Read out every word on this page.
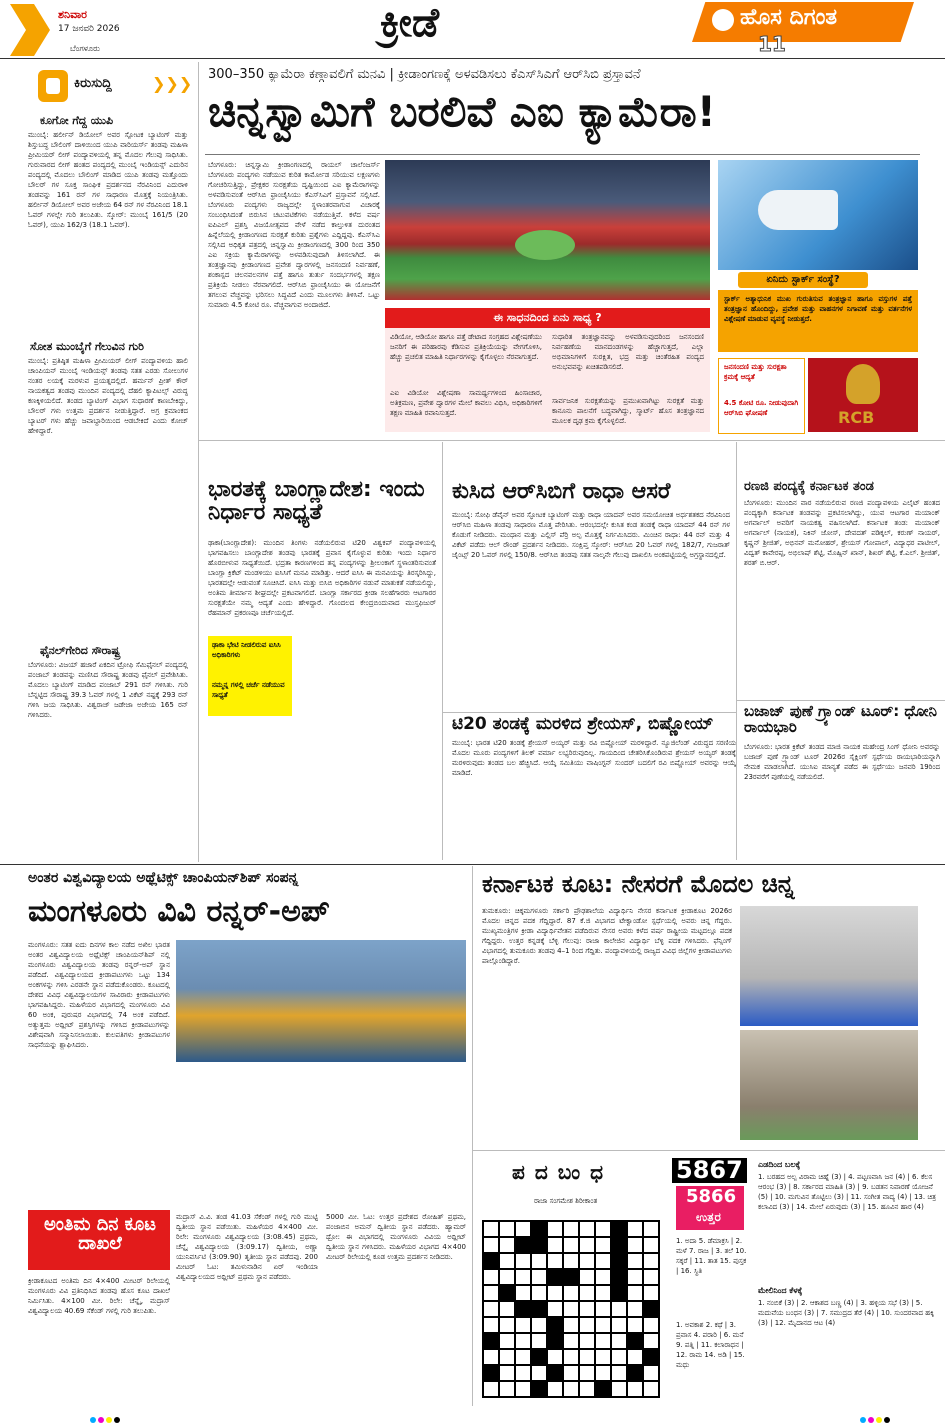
ಶನಿವಾರ
17 ಜನವರಿ 2026
ಬೆಂಗಳೂರು
ಕ್ರೀಡೆ	ಹೊಸ ದಿಗಂತ
11
ಕಿರುಸುದ್ದಿ	❯❯❯
ಕೂಗೋ ಗೆದ್ದ ಯುಪಿ
ಮುಂಬೈ: ಹರ್ಲೀನ್ ಡಿಯೋಲ್ ಅವರ ಸ್ಪೋಟಕ ಬ್ಯಾಟಿಂಗ್ ಮತ್ತು ಶಿಸ್ತುಬದ್ಧ ಬೌಲಿಂಗ್ ದಾಳಿಯಿಂದ ಯುಪಿ ವಾರಿಯರ್ಸ್ ತಂಡವು ಮಹಿಳಾ ಪ್ರೀಮಿಯರ್ ಲೀಗ್ ಪಂದ್ಯಾವಳಿಯಲ್ಲಿ ತನ್ನ ಮೊದಲ ಗೆಲುವು ಸಾಧಿಸಿತು. ಗುರುವಾರದ ಲೀಗ್ ಹಂತದ ಪಂದ್ಯದಲ್ಲಿ ಮುಂಬೈ ಇಂಡಿಯನ್ಸ್ ಎದುರಿನ ಪಂದ್ಯದಲ್ಲಿ ಮೊದಲು ಬೌಲಿಂಗ್ ಮಾಡಿದ ಯುಪಿ ತಂಡವು ಮತ್ತೊಂದು ಬೌಲರ್ ಗಳ ಸೂಕ್ತ ಸಾಂಘಿಕ ಪ್ರದರ್ಶನದ ನೆರವಿನಿಂದ ಎದುರಾಳಿ ತಂಡವನ್ನು 161 ರನ್ ಗಳ ಸಾಧಾರಣ ಮೊತ್ತಕ್ಕೆ ನಿಯಂತ್ರಿಸಿತು. ಹರ್ಲೀನ್ ಡಿಯೋಲ್ ಅವರ ಅಜೇಯ 64 ರನ್ ಗಳ ನೆರವಿನಿಂದ 18.1 ಓವರ್ ಗಳಲ್ಲೇ ಗುರಿ ತಲುಪಿತು. ಸ್ಕೋರ್: ಮುಂಬೈ 161/5 (20 ಓವರ್), ಯುಪಿ 162/3 (18.1 ಓವರ್).
ಸೋತ ಮುಂಬೈಗೆ ಗೆಲುವಿನ ಗುರಿ
ಮುಂಬೈ: ಪ್ರತಿಷ್ಠಿತ ಮಹಿಳಾ ಪ್ರೀಮಿಯರ್ ಲೀಗ್ ಪಂದ್ಯಾವಳಿಯ ಹಾಲಿ ಚಾಂಪಿಯನ್ ಮುಂಬೈ ಇಂಡಿಯನ್ಸ್ ತಂಡವು ಸತತ ಎರಡು ಸೋಲುಗಳ ನಂತರ ಲಯಕ್ಕೆ ಮರಳುವ ಪ್ರಯತ್ನದಲ್ಲಿದೆ. ಹರ್ಮನ್ ಪ್ರೀತ್ ಕೌರ್ ನಾಯಕತ್ವದ ತಂಡವು ಮುಂದಿನ ಪಂದ್ಯದಲ್ಲಿ ದೆಹಲಿ ಕ್ಯಾಪಿಟಲ್ಸ್ ವಿರುದ್ಧ ಕಣಕ್ಕಿಳಿಯಲಿದೆ. ತಂಡದ ಬ್ಯಾಟಿಂಗ್ ವಿಭಾಗ ಸುಧಾರಣೆ ಕಾಣಬೇಕಿದ್ದು, ಬೌಲರ್ ಗಳು ಉತ್ತಮ ಪ್ರದರ್ಶನ ನೀಡುತ್ತಿದ್ದಾರೆ. ಅಗ್ರ ಕ್ರಮಾಂಕದ ಬ್ಯಾಟರ್ ಗಳು ಹೆಚ್ಚು ಜವಾಬ್ದಾರಿಯಿಂದ ಆಡಬೇಕಿದೆ ಎಂದು ಕೋಚ್ ಹೇಳಿದ್ದಾರೆ.
ಫೈನಲ್‌ಗೇರಿದ ಸೌರಾಷ್ಟ್ರ
ಬೆಂಗಳೂರು: ವಿಜಯ್ ಹಜಾರೆ ಏಕದಿನ ಟ್ರೋಫಿ ಸೆಮಿಫೈನಲ್ ಪಂದ್ಯದಲ್ಲಿ ಪಂಜಾಬ್ ತಂಡವನ್ನು ಮಣಿಸಿದ ಸೌರಾಷ್ಟ್ರ ತಂಡವು ಫೈನಲ್ ಪ್ರವೇಶಿಸಿತು. ಮೊದಲು ಬ್ಯಾಟಿಂಗ್ ಮಾಡಿದ ಪಂಜಾಬ್ 291 ರನ್ ಗಳಿಸಿತು. ಗುರಿ ಬೆನ್ನಟ್ಟಿದ ಸೌರಾಷ್ಟ್ರ 39.3 ಓವರ್ ಗಳಲ್ಲಿ 1 ವಿಕೆಟ್ ನಷ್ಟಕ್ಕೆ 293 ರನ್ ಗಳಿಸಿ ಜಯ ಸಾಧಿಸಿತು. ವಿಶ್ವರಾಜ್ ಜಡೇಜಾ ಅಜೇಯ 165 ರನ್ ಗಳಿಸಿದರು.
300–350 ಕ್ಯಾಮೆರಾ ಕಣ್ಗಾವಲಿಗೆ ಮನವಿ | ಕ್ರೀಡಾಂಗಣಕ್ಕೆ ಅಳವಡಿಸಲು ಕೆಎಸ್‌ಸಿಎಗೆ ಆರ್‌ಸಿಬಿ ಪ್ರಸ್ತಾವನೆ
ಚಿನ್ನಸ್ವಾಮಿಗೆ ಬರಲಿವೆ ಎಐ ಕ್ಯಾಮೆರಾ!
ಬೆಂಗಳೂರು: ಚಿನ್ನಸ್ವಾಮಿ ಕ್ರೀಡಾಂಗಣದಲ್ಲಿ ರಾಯಲ್ ಚಾಲೆಂಜರ್ಸ್ ಬೆಂಗಳೂರು ಪಂದ್ಯಗಳು ನಡೆಯುವ ಕುರಿತ ಕಾರ್ಮೋಡ ಸರಿಯುವ ಲಕ್ಷಣಗಳು ಗೋಚರಿಸುತ್ತಿದ್ದು, ಪ್ರೇಕ್ಷಕರ ಸುರಕ್ಷತೆಯ ದೃಷ್ಟಿಯಿಂದ ಎಐ ಕ್ಯಾಮೆರಾಗಳನ್ನು ಅಳವಡಿಸುವಂತೆ ಆರ್‌ಸಿಬಿ ಫ್ರಾಂಚೈಸಿಯು ಕೆಎಸ್‌ಸಿಎಗೆ ಪ್ರಸ್ತಾವನೆ ಸಲ್ಲಿಸಿದೆ. ಬೆಂಗಳೂರು ಪಂದ್ಯಗಳು ರಾಜ್ಯದಲ್ಲೇ ಸ್ಥಳಾಂತರವಾಗುವ ವಿಚಾರಕ್ಕೆ ಸಂಬಂಧಿಸಿದಂತೆ ಬಿರುಸಿನ ಚಟುವಟಿಕೆಗಳು ನಡೆಯುತ್ತಿವೆ. ಕಳೆದ ವರ್ಷ ಐಪಿಎಲ್ ಪ್ರಶಸ್ತಿ ವಿಜಯೋತ್ಸವದ ವೇಳೆ ನಡೆದ ಕಾಲ್ತುಳಿತ ದುರಂತದ ಹಿನ್ನೆಲೆಯಲ್ಲಿ ಕ್ರೀಡಾಂಗಣದ ಸುರಕ್ಷತೆ ಕುರಿತು ಪ್ರಶ್ನೆಗಳು ಎದ್ದಿದ್ದವು. ಕೆಎಸ್‌ಸಿಎ ಸಲ್ಲಿಸಿದ ಅಧಿಕೃತ ಪತ್ರದಲ್ಲಿ ಚಿನ್ನಸ್ವಾಮಿ ಕ್ರೀಡಾಂಗಣದಲ್ಲಿ 300 ರಿಂದ 350 ಎಐ ಸಕ್ರಿಯ ಕ್ಯಾಮೆರಾಗಳನ್ನು ಅಳವಡಿಸುವುದಾಗಿ ತಿಳಿಸಲಾಗಿದೆ. ಈ ತಂತ್ರಜ್ಞಾನವು ಕ್ರೀಡಾಂಗಣದ ಪ್ರವೇಶ ದ್ವಾರಗಳಲ್ಲಿ ಜನಸಂದಣಿ ನಿರ್ವಹಣೆ, ಶಂಕಾಸ್ಪದ ಚಲನವಲನಗಳ ಪತ್ತೆ ಹಾಗೂ ತುರ್ತು ಸಂದರ್ಭಗಳಲ್ಲಿ ತಕ್ಷಣ ಪ್ರತಿಕ್ರಿಯೆ ನೀಡಲು ನೆರವಾಗಲಿದೆ. ಆರ್‌ಸಿಬಿ ಫ್ರಾಂಚೈಸಿಯು ಈ ಯೋಜನೆಗೆ ತಗಲುವ ವೆಚ್ಚವನ್ನು ಭರಿಸಲು ಸಿದ್ಧವಿದೆ ಎಂದು ಮೂಲಗಳು ತಿಳಿಸಿವೆ. ಒಟ್ಟು ಸುಮಾರು 4.5 ಕೋಟಿ ರೂ. ವೆಚ್ಚವಾಗುವ ಅಂದಾಜಿದೆ.
ಈ ಸಾಧನದಿಂದ ಏನು ಸಾಧ್ಯ ?
ವಿಡಿಯೋ, ಆಡಿಯೋ ಹಾಗೂ ಪತ್ತೆ ಡೇಟಾದ ಸಂಗ್ರಹದ ವಿಶ್ಲೇಷಣೆಯು ಜನರಿಗೆ ಈ ಪರಿಹಾರವು ಕೆಡಿಸುವ ಪ್ರತಿಕ್ರಿಯೆಯನ್ನು ವೇಗಗೊಳಿಸಿ, ಹೆಚ್ಚು ಪ್ರಚಲಿತ ಮಾಹಿತಿ ನಿರ್ಧಾರಗಳನ್ನು ಕೈಗೊಳ್ಳಲು ನೆರವಾಗುತ್ತದೆ.
ಸುಧಾರಿತ ತಂತ್ರಜ್ಞಾನವನ್ನು ಅಳವಡಿಸುವುದರಿಂದ ಜನಸಂದಣಿ ನಿರ್ವಹಣೆಯ ಮಾನದಂಡಗಳನ್ನು ಹೆಚ್ಚಾಗುತ್ತದೆ, ಎಲ್ಲಾ ಅಭಿಮಾನಿಗಳಿಗೆ ಸುರಕ್ಷಿತ, ಭದ್ರ ಮತ್ತು ಚಿಂತೆರಹಿತ ಪಂದ್ಯದ ಅನುಭವವನ್ನು ಖಚಿತಪಡಿಸಲಿದೆ.
ಎಐ ವಿಡಿಯೋ ವಿಶ್ಲೇಷಣಾ ಸಾಮರ್ಥ್ಯಗಳಿಂದ ಹಿಂಸಾಚಾರ, ಅತಿಕ್ರಮಣ, ಪ್ರವೇಶ ದ್ವಾರಗಳ ಮೇಲೆ ಕಾವಲು ವಿಧಿಸಿ, ಅಧಿಕಾರಿಗಳಿಗೆ ತಕ್ಷಣ ಮಾಹಿತಿ ರವಾನಿಸುತ್ತದೆ.
ಸಾರ್ವಜನಿಕ ಸುರಕ್ಷತೆಯನ್ನು ಪ್ರಮುಖವಾಗಿಟ್ಟು ಸುರಕ್ಷತೆ ಮತ್ತು ಕಾನೂನು ಪಾಲನೆಗೆ ಬದ್ಧವಾಗಿದ್ದು, ಸ್ಮಾರ್ಟ್ ಹೊಸ ತಂತ್ರಜ್ಞಾನದ ಮೂಲಕ ದೃಢ ಕ್ರಮ ಕೈಗೊಳ್ಳಲಿದೆ.
ಏನಿದು ಸ್ಟಾರ್ಕ್ ಸಂಸ್ಥೆ?
ಸ್ಟಾರ್ಕ್ ಅತ್ಯಾಧುನಿಕ ಮುಖ ಗುರುತಿಸುವ ತಂತ್ರಜ್ಞಾನ ಹಾಗೂ ವಸ್ತುಗಳ ಪತ್ತೆ ತಂತ್ರಜ್ಞಾನ ಹೊಂದಿದ್ದು, ಪ್ರವೇಶ ಮತ್ತು ವಾಹನಗಳ ನಿಗಾವಣೆ ಮತ್ತು ವರ್ತನೆಗಳ ವಿಶ್ಲೇಷಣೆ ಮಾಡುವ ವ್ಯವಸ್ಥೆ ನೀಡುತ್ತದೆ.
ಜನಸಂದಣಿ ಮತ್ತು ಸುರಕ್ಷತಾ ಕ್ರಮಕ್ಕೆ ಆದ್ಯತೆ
4.5 ಕೋಟಿ ರೂ. ನೀಡುವುದಾಗಿ ಆರ್‌ಸಿಬಿ ಘೋಷಣೆ	RCB
ಭಾರತಕ್ಕೆ ಬಾಂಗ್ಲಾದೇಶ: ಇಂದು ನಿರ್ಧಾರ ಸಾಧ್ಯತೆ
ಢಾಕಾ(ಬಾಂಗ್ಲಾದೇಶ): ಮುಂದಿನ ತಿಂಗಳು ನಡೆಯಲಿರುವ ಟಿ20 ವಿಶ್ವಕಪ್ ಪಂದ್ಯಾವಳಿಯಲ್ಲಿ ಭಾಗವಹಿಸಲು ಬಾಂಗ್ಲಾದೇಶ ತಂಡವು ಭಾರತಕ್ಕೆ ಪ್ರವಾಸ ಕೈಗೊಳ್ಳುವ ಕುರಿತು ಇಂದು ನಿರ್ಧಾರ ಹೊರಬೀಳುವ ಸಾಧ್ಯತೆಯಿದೆ. ಭದ್ರತಾ ಕಾರಣಗಳಿಂದ ತನ್ನ ಪಂದ್ಯಗಳನ್ನು ಶ್ರೀಲಂಕಾಗೆ ಸ್ಥಳಾಂತರಿಸುವಂತೆ ಬಾಂಗ್ಲಾ ಕ್ರಿಕೆಟ್ ಮಂಡಳಿಯು ಐಸಿಸಿಗೆ ಮನವಿ ಮಾಡಿತ್ತು. ಆದರೆ ಐಸಿಸಿ ಈ ಮನವಿಯನ್ನು ತಿರಸ್ಕರಿಸಿದ್ದು, ಭಾರತದಲ್ಲೇ ಆಡುವಂತೆ ಸೂಚಿಸಿದೆ. ಐಸಿಸಿ ಮತ್ತು ಬಿಸಿಬಿ ಅಧಿಕಾರಿಗಳ ನಡುವೆ ಮಾತುಕತೆ ನಡೆಯಲಿದ್ದು, ಅಂತಿಮ ತೀರ್ಮಾನ ಶೀಘ್ರದಲ್ಲೇ ಪ್ರಕಟವಾಗಲಿದೆ. ಬಾಂಗ್ಲಾ ಸರ್ಕಾರದ ಕ್ರೀಡಾ ಸಲಹೆಗಾರರು ಆಟಗಾರರ ಸುರಕ್ಷತೆಯೇ ನಮ್ಮ ಆದ್ಯತೆ ಎಂದು ಹೇಳಿದ್ದಾರೆ. ಗೊಂದಲದ ಕೇಂದ್ರಬಿಂದುವಾದ ಮುಸ್ತಫಿಜುರ್ ರೆಹಮಾನ್ ಪ್ರಕರಣವೂ ಚರ್ಚೆಯಲ್ಲಿದೆ.
ಢಾಕಾ ಭೇಟಿ ನೀಡಲಿರುವ ಐಸಿಸಿ ಅಧಿಕಾರಿಗಳು
ನಮ್ಮನ್ನ ಗಳಲ್ಲಿ ಚರ್ಚೆ ನಡೆಯುವ ಸಾಧ್ಯತೆ
ಕುಸಿದ ಆರ್‌ಸಿಬಿಗೆ ರಾಧಾ ಆಸರೆ
ಮುಂಬೈ: ಸೋಫಿ ಡೆವೈನ್ ಅವರ ಸ್ಫೋಟಕ ಬ್ಯಾಟಿಂಗ್ ಮತ್ತು ರಾಧಾ ಯಾದವ್ ಅವರ ಸಮಯೋಚಿತ ಅರ್ಧಶತಕದ ನೆರವಿನಿಂದ ಆರ್‌ಸಿಬಿ ಮಹಿಳಾ ತಂಡವು ಸಾಧಾರಣ ಮೊತ್ತ ಪೇರಿಸಿತು. ಆರಂಭದಲ್ಲೇ ಕುಸಿತ ಕಂಡ ತಂಡಕ್ಕೆ ರಾಧಾ ಯಾದವ್ 44 ರನ್ ಗಳ ಕೊಡುಗೆ ನೀಡಿದರು. ಮಂಧಾನ ಮತ್ತು ಎಲ್ಲಿಸ್ ಪೆರ್ರಿ ಅಲ್ಪ ಮೊತ್ತಕ್ಕೆ ನಿರ್ಗಮಿಸಿದರು. ಮಿಂಚಿನ ರಾಧಾ: 44 ರನ್ ಮತ್ತು 4 ವಿಕೆಟ್ ಪಡೆದು ಆಲ್ ರೌಂಡ್ ಪ್ರದರ್ಶನ ನೀಡಿದರು. ಸಂಕ್ಷಿಪ್ತ ಸ್ಕೋರ್: ಆರ್‌ಸಿಬಿ 20 ಓವರ್ ಗಳಲ್ಲಿ 182/7, ಗುಜರಾತ್ ಜೈಂಟ್ಸ್ 20 ಓವರ್ ಗಳಲ್ಲಿ 150/8. ಆರ್‌ಸಿಬಿ ತಂಡವು ಸತತ ನಾಲ್ಕನೇ ಗೆಲುವು ದಾಖಲಿಸಿ ಅಂಕಪಟ್ಟಿಯಲ್ಲಿ ಅಗ್ರಸ್ಥಾನದಲ್ಲಿದೆ.
ಟಿ20 ತಂಡಕ್ಕೆ ಮರಳಿದ ಶ್ರೇಯಸ್, ಬಿಷ್ಣೋಯ್
ಮುಂಬೈ: ಭಾರತ ಟಿ20 ತಂಡಕ್ಕೆ ಶ್ರೇಯಸ್ ಅಯ್ಯರ್ ಮತ್ತು ರವಿ ಬಿಷ್ಣೋಯ್ ಮರಳಿದ್ದಾರೆ. ನ್ಯೂಜಿಲೆಂಡ್ ವಿರುದ್ಧದ ಸರಣಿಯ ಮೊದಲ ಮೂರು ಪಂದ್ಯಗಳಿಗೆ ತಿಲಕ್ ವರ್ಮಾ ಲಭ್ಯರಿರುವುದಿಲ್ಲ. ಗಾಯದಿಂದ ಚೇತರಿಸಿಕೊಂಡಿರುವ ಶ್ರೇಯಸ್ ಅಯ್ಯರ್ ತಂಡಕ್ಕೆ ಮರಳಿರುವುದು ತಂಡದ ಬಲ ಹೆಚ್ಚಿಸಿದೆ. ಆಯ್ಕೆ ಸಮಿತಿಯು ವಾಷಿಂಗ್ಟನ್ ಸುಂದರ್ ಬದಲಿಗೆ ರವಿ ಬಿಷ್ಣೋಯ್ ಅವರನ್ನು ಆಯ್ಕೆ ಮಾಡಿದೆ.
ರಣಜಿ ಪಂದ್ಯಕ್ಕೆ ಕರ್ನಾಟಕ ತಂಡ
ಬೆಂಗಳೂರು: ಮುಂದಿನ ವಾರ ನಡೆಯಲಿರುವ ರಣಜಿ ಪಂದ್ಯಾವಳಿಯ ಎಲೈಟ್ ಹಂತದ ಪಂದ್ಯಕ್ಕಾಗಿ ಕರ್ನಾಟಕ ತಂಡವನ್ನು ಪ್ರಕಟಿಸಲಾಗಿದ್ದು, ಯುವ ಆಟಗಾರ ಮಯಾಂಕ್ ಅಗರ್ವಾಲ್ ಅವರಿಗೆ ನಾಯಕತ್ವ ವಹಿಸಲಾಗಿದೆ. ಕರ್ನಾಟಕ ತಂಡ: ಮಯಾಂಕ್ ಅಗರ್ವಾಲ್ (ನಾಯಕ), ನಿಕಿನ್ ಜೋಸ್, ದೇವದತ್ ಪಡಿಕ್ಕಲ್, ಕರುಣ್ ನಾಯರ್, ಕೃಷ್ಣನ್ ಶ್ರೀಜಿತ್, ಅಭಿನವ್ ಮನೋಹರ್, ಶ್ರೇಯಸ್ ಗೋಪಾಲ್, ವಿದ್ಯಾಧರ ಪಾಟೀಲ್, ವಿದ್ವತ್ ಕಾವೇರಪ್ಪ, ಅಭಿಲಾಷ್ ಶೆಟ್ಟಿ, ಮೊಹ್ಸಿನ್ ಖಾನ್, ಶಿಖರ್ ಶೆಟ್ಟಿ, ಕೆ.ಎಲ್. ಶ್ರೀಜಿತ್, ಶರತ್ ಬಿ.ಆರ್.
ಬಜಾಜ್ ಪುಣೆ ಗ್ರ್ಯಾಂಡ್ ಟೂರ್: ಧೋನಿ ರಾಯಭಾರಿ
ಬೆಂಗಳೂರು: ಭಾರತ ಕ್ರಿಕೆಟ್ ತಂಡದ ಮಾಜಿ ನಾಯಕ ಮಹೇಂದ್ರ ಸಿಂಗ್ ಧೋನಿ ಅವರನ್ನು ಬಜಾಜ್ ಪುಣೆ ಗ್ರ್ಯಾಂಡ್ ಟೂರ್ 2026ರ ಸೈಕ್ಲಿಂಗ್ ಸ್ಪರ್ಧೆಯ ರಾಯಭಾರಿಯನ್ನಾಗಿ ನೇಮಕ ಮಾಡಲಾಗಿದೆ. ಯುಸಿಐ ಮಾನ್ಯತೆ ಪಡೆದ ಈ ಸ್ಪರ್ಧೆಯು ಜನವರಿ 19ರಿಂದ 23ರವರೆಗೆ ಪುಣೆಯಲ್ಲಿ ನಡೆಯಲಿದೆ.
ಅಂತರ ವಿಶ್ವವಿದ್ಯಾಲಯ ಅಥ್ಲೆಟಿಕ್ಸ್ ಚಾಂಪಿಯನ್‌ಶಿಪ್ ಸಂಪನ್ನ
ಮಂಗಳೂರು ವಿವಿ ರನ್ನರ್-ಅಪ್
ಮಂಗಳೂರು: ಸತತ ಐದು ದಿನಗಳ ಕಾಲ ನಡೆದ ಅಖಿಲ ಭಾರತ ಅಂತರ ವಿಶ್ವವಿದ್ಯಾಲಯ ಅಥ್ಲೆಟಿಕ್ಸ್ ಚಾಂಪಿಯನ್‌ಶಿಪ್ ನಲ್ಲಿ ಮಂಗಳೂರು ವಿಶ್ವವಿದ್ಯಾಲಯ ತಂಡವು ರನ್ನರ್-ಅಪ್ ಸ್ಥಾನ ಪಡೆದಿದೆ. ವಿಶ್ವವಿದ್ಯಾಲಯದ ಕ್ರೀಡಾಪಟುಗಳು ಒಟ್ಟು 134 ಅಂಕಗಳನ್ನು ಗಳಿಸಿ ಎರಡನೇ ಸ್ಥಾನ ಪಡೆದುಕೊಂಡರು. ಕೂಟದಲ್ಲಿ ದೇಶದ ವಿವಿಧ ವಿಶ್ವವಿದ್ಯಾಲಯಗಳ ಸಾವಿರಾರು ಕ್ರೀಡಾಪಟುಗಳು ಭಾಗವಹಿಸಿದ್ದರು. ಮಹಿಳೆಯರ ವಿಭಾಗದಲ್ಲಿ ಮಂಗಳೂರು ವಿವಿ 60 ಅಂಕ, ಪುರುಷರ ವಿಭಾಗದಲ್ಲಿ 74 ಅಂಕ ಪಡೆದಿದೆ. ಅತ್ಯುತ್ತಮ ಅಥ್ಲೀಟ್ ಪ್ರಶಸ್ತಿಗಳನ್ನು ಗಳಿಸಿದ ಕ್ರೀಡಾಪಟುಗಳನ್ನು ವಿಶೇಷವಾಗಿ ಸನ್ಮಾನಿಸಲಾಯಿತು. ಕುಲಪತಿಗಳು ಕ್ರೀಡಾಪಟುಗಳ ಸಾಧನೆಯನ್ನು ಶ್ಲಾಘಿಸಿದರು.
ಅಂತಿಮ ದಿನ ಕೂಟ ದಾಖಲೆ
ಕ್ರೀಡಾಕೂಟದ ಅಂತಿಮ ದಿನ 4×400 ಮೀಟರ್ ರಿಲೇಯಲ್ಲಿ ಮಂಗಳೂರು ವಿವಿ ಪ್ರತಿನಿಧಿಸಿದ ತಂಡವು ಹೊಸ ಕೂಟ ದಾಖಲೆ ನಿರ್ಮಿಸಿತು. 4×100 ಮೀ. ರಿಲೇ: ಚೆನ್ನೈ, ಮದ್ರಾಸ್ ವಿಶ್ವವಿದ್ಯಾಲಯ 40.69 ಸೆಕೆಂಡ್ ಗಳಲ್ಲಿ ಗುರಿ ತಲುಪಿತು.
ಮದ್ರಾಸ್ ವಿ.ವಿ. ತಂಡ 41.03 ಸೆಕೆಂಡ್ ಗಳಲ್ಲಿ ಗುರಿ ಮುಟ್ಟಿ ದ್ವಿತೀಯ ಸ್ಥಾನ ಪಡೆಯಿತು. ಮಹಿಳೆಯರ 4×400 ಮೀ. ರಿಲೇ: ಮಂಗಳೂರು ವಿಶ್ವವಿದ್ಯಾಲಯ (3:08.45) ಪ್ರಥಮ, ಚೆನ್ನೈ ವಿಶ್ವವಿದ್ಯಾಲಯ (3:09.17) ದ್ವಿತೀಯ, ಅಣ್ಣಾ ಯುನಿವರ್ಸಿಟಿ (3:09.90) ತೃತೀಯ ಸ್ಥಾನ ಪಡೆದವು. 200 ಮೀಟರ್ ಓಟ: ತಮಿಳುನಾಡಿನ ಏರ್ ಇಂಡಿಯಾ ವಿಶ್ವವಿದ್ಯಾಲಯದ ಅಥ್ಲೀಟ್ ಪ್ರಥಮ ಸ್ಥಾನ ಪಡೆದರು.
5000 ಮೀ. ಓಟ: ಉತ್ತರ ಪ್ರದೇಶದ ರೋಹಿತ್ ಪ್ರಥಮ, ಪಂಜಾಬಿನ ಅಮನ್ ದ್ವಿತೀಯ ಸ್ಥಾನ ಪಡೆದರು. ಹ್ಯಾಮರ್ ಥ್ರೋ: ಈ ವಿಭಾಗದಲ್ಲಿ ಮಂಗಳೂರು ವಿವಿಯ ಅಥ್ಲೀಟ್ ದ್ವಿತೀಯ ಸ್ಥಾನ ಗಳಿಸಿದರು. ಮಹಿಳೆಯರ ವಿಭಾಗದ 4×400 ಮೀಟರ್ ರಿಲೇಯಲ್ಲಿ ಕೂಡ ಉತ್ತಮ ಪ್ರದರ್ಶನ ನೀಡಿದರು.
ಕರ್ನಾಟಕ ಕೂಟ: ನೇಸರಗೆ ಮೊದಲ ಚಿನ್ನ
ತುಮಕೂರು: ಚಿಕ್ಕಮಗಳೂರು ಸರ್ಕಾರಿ ಪ್ರೌಢಶಾಲೆಯ ವಿದ್ಯಾರ್ಥಿನಿ ನೇಸರ ಕರ್ನಾಟಕ ಕ್ರೀಡಾಕೂಟ 2026ರ ಮೊದಲ ಚಿನ್ನದ ಪದಕ ಗೆದ್ದಿದ್ದಾರೆ. 87 ಕೆ.ಜಿ ವಿಭಾಗದ ಟೇಕ್ವಾಂಡೋ ಸ್ಪರ್ಧೆಯಲ್ಲಿ ಅವರು ಚಿನ್ನ ಗೆದ್ದರು. ಮುಖ್ಯಮಂತ್ರಿಗಳ ಕ್ರೀಡಾ ವಿದ್ಯಾರ್ಥಿವೇತನ ಪಡೆದಿರುವ ನೇಸರ ಅವರು ಕಳೆದ ವರ್ಷ ರಾಷ್ಟ್ರೀಯ ಮಟ್ಟದಲ್ಲೂ ಪದಕ ಗೆದ್ದಿದ್ದರು. ಉತ್ತರ ಕನ್ನಡಕ್ಕೆ ಬೆಳ್ಳಿ ಗೆಲುವು: ರಾಜಾ ಕಾಲೇಜಿನ ವಿದ್ಯಾರ್ಥಿ ಬೆಳ್ಳಿ ಪದಕ ಗಳಿಸಿದರು. ಫೆನ್ಸಿಂಗ್ ವಿಭಾಗದಲ್ಲಿ ತುಮಕೂರು ತಂಡವು 4–1 ರಿಂದ ಗೆದ್ದಿತು. ಪಂದ್ಯಾವಳಿಯಲ್ಲಿ ರಾಜ್ಯದ ವಿವಿಧ ಜಿಲ್ಲೆಗಳ ಕ್ರೀಡಾಪಟುಗಳು ಪಾಲ್ಗೊಂಡಿದ್ದಾರೆ.
ಪದಬಂಧ
ರಾಜಾ ಸಂಗಮೇಶ ಶಿರೀಕಾಂತ
5867
5866
ಉತ್ತರ
1. ಅದಾ 5. ಡೆಮಾಕ್ರಸಿ | 2. ಮಳೆ 7. ರಾಜ | 3. ತಲೆ 10. ಸಕ್ಕರೆ | 11. ತಾತ 15. ಪುಸ್ತಕ | 16. ಸ್ಥಿತಿ
1. ಅವಕಾಶ 2. ಕಥೆ | 3. ಪ್ರವಾಸ 4. ಪರಾರಿ | 6. ಮನೆ 9. ಪತ್ನಿ | 11. ಕಲಾರಾಧನ | 12. ರಾಮ 14. ಅಡಿ | 15. ಮಧು
ಎಡದಿಂದ ಬಲಕ್ಕೆ
1. ಬರಹದ ಅಲ್ಪ ವಿರಾಮ ಚಿಹ್ನೆ (3) | 4. ಪಟ್ಟಣವಾಸಿ ಜನ (4) | 6. ಕೆಲಸ ಆರಂಭ (3) | 8. ಸರ್ಕಾರದ ಮಾಹಿತಿ (3) | 9. ಬಡತನ ನಿವಾರಣೆ ಯೋಜನೆ (5) | 10. ಮಗುವಿನ ತೊಟ್ಟಿಲು (3) | 11. ಸಂಗೀತ ವಾದ್ಯ (4) | 13. ಚಿತ್ರ ಕಲಾವಿದ (3) | 14. ಮೇಲೆ ಏರುವುದು (3) | 15. ಹೂವಿನ ಹಾರ (4)
ಮೇಲಿನಿಂದ ಕೆಳಕ್ಕೆ
1. ನಂಬಿಕೆ (3) | 2. ಆಕಾಶದ ಬಣ್ಣ (4) | 3. ಹಳ್ಳಿಯ ಸಭೆ (3) | 5. ಮದುವೆಯ ಬಂಧನ (3) | 7. ಸಮುದ್ರದ ತೆರೆ (4) | 10. ಸುಂದರವಾದ ಹಕ್ಕಿ (3) | 12. ಮೈದಾನದ ಆಟ (4)
